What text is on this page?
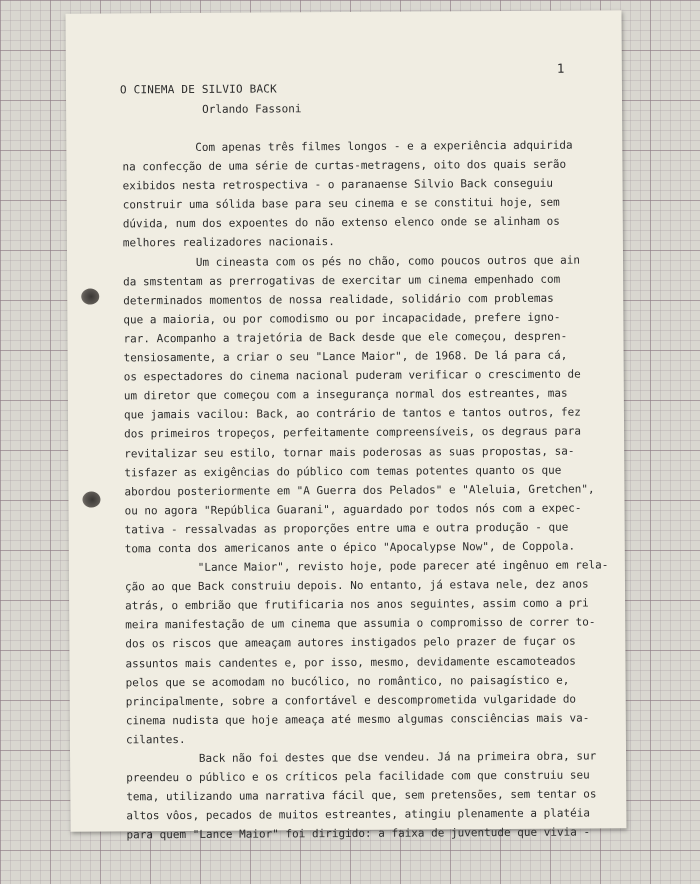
1
O CINEMA DE SILVIO BACK
Orlando Fassoni
Com apenas três filmes longos - e a experiência adquirida
na confecção de uma série de curtas-metragens, oito dos quais serão
exibidos nesta retrospectiva - o paranaense Silvio Back conseguiu
construir uma sólida base para seu cinema e se constitui hoje, sem
dúvida, num dos expoentes do não extenso elenco onde se alinham os
melhores realizadores nacionais.
Um cineasta com os pés no chão, como poucos outros que ain
da smstentam as prerrogativas de exercitar um cinema empenhado com
determinados momentos de nossa realidade, solidário com problemas
que a maioria, ou por comodismo ou por incapacidade, prefere igno-
rar. Acompanho a trajetória de Back desde que ele começou, despren-
tensiosamente, a criar o seu "Lance Maior", de 1968. De lá para cá,
os espectadores do cinema nacional puderam verificar o crescimento de
um diretor que começou com a insegurança normal dos estreantes, mas
que jamais vacilou: Back, ao contrário de tantos e tantos outros, fez
dos primeiros tropeços, perfeitamente compreensíveis, os degraus para
revitalizar seu estilo, tornar mais poderosas as suas propostas, sa-
tisfazer as exigências do público com temas potentes quanto os que
abordou posteriormente em "A Guerra dos Pelados" e "Aleluia, Gretchen",
ou no agora "República Guarani", aguardado por todos nós com a expec-
tativa - ressalvadas as proporções entre uma e outra produção - que
toma conta dos americanos ante o épico "Apocalypse Now", de Coppola.
"Lance Maior", revisto hoje, pode parecer até ingênuo em rela-
ção ao que Back construiu depois. No entanto, já estava nele, dez anos
atrás, o embrião que frutificaria nos anos seguintes, assim como a pri
meira manifestação de um cinema que assumia o compromisso de correr to-
dos os riscos que ameaçam autores instigados pelo prazer de fuçar os
assuntos mais candentes e, por isso, mesmo, devidamente escamoteados
pelos que se acomodam no bucólico, no romântico, no paisagístico e,
principalmente, sobre a confortável e descomprometida vulgaridade do
cinema nudista que hoje ameaça até mesmo algumas consciências mais va-
cilantes.
Back não foi destes que dse vendeu. Já na primeira obra, sur
preendeu o público e os críticos pela facilidade com que construiu seu
tema, utilizando uma narrativa fácil que, sem pretensões, sem tentar os
altos vôos, pecados de muitos estreantes, atingiu plenamente a platéia
para quem "Lance Maior" foi dirigido: a faixa de juventude que vivia -
